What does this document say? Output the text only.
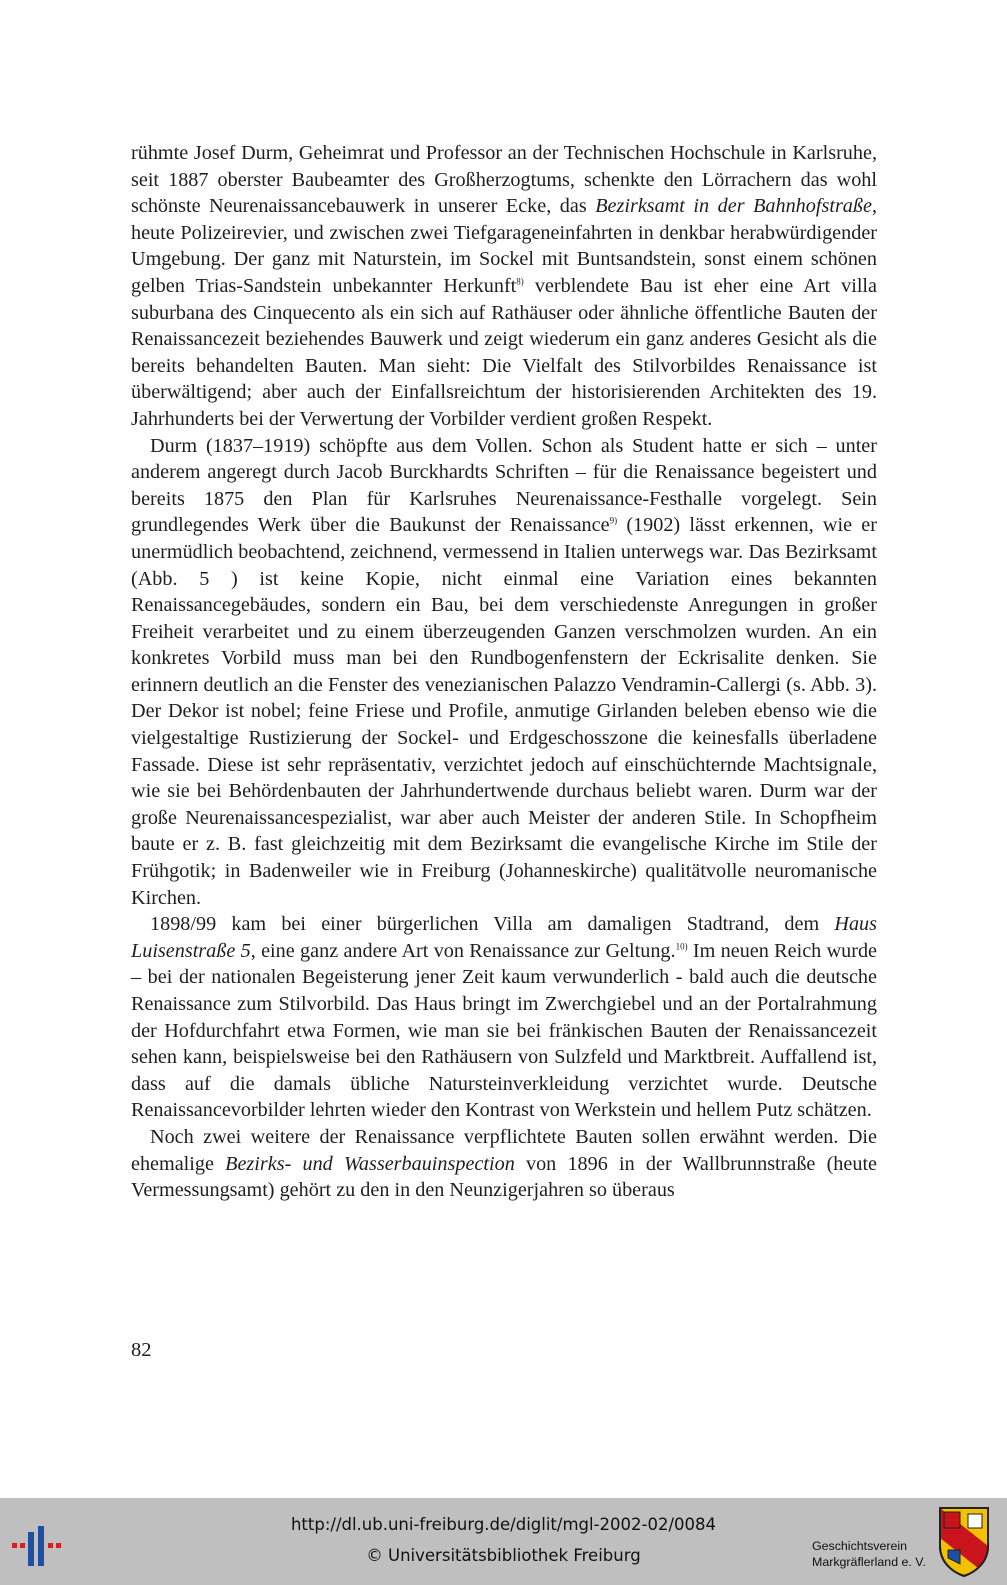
rühmte Josef Durm, Geheimrat und Professor an der Technischen Hochschule in Karlsruhe, seit 1887 oberster Baubeamter des Großherzogtums, schenkte den Lörrachern das wohl schönste Neurenaissancebauwerk in unserer Ecke, das Bezirksamt in der Bahnhofstraße, heute Polizeirevier, und zwischen zwei Tiefgarageneinfahrten in denkbar herabwürdigender Umgebung. Der ganz mit Naturstein, im Sockel mit Buntsandstein, sonst einem schönen gelben Trias-Sandstein unbekannter Herkunft$^{8)}$ verblendete Bau ist eher eine Art villa suburbana des Cinquecento als ein sich auf Rathäuser oder ähnliche öffentliche Bauten der Renaissancezeit beziehendes Bauwerk und zeigt wiederum ein ganz anderes Gesicht als die bereits behandelten Bauten. Man sieht: Die Vielfalt des Stilvorbildes Renaissance ist überwältigend; aber auch der Einfallsreichtum der historisierenden Architekten des 19. Jahrhunderts bei der Verwertung der Vorbilder verdient großen Respekt.

Durm (1837–1919) schöpfte aus dem Vollen. Schon als Student hatte er sich – unter anderem angeregt durch Jacob Burckhardts Schriften – für die Renaissance begeistert und bereits 1875 den Plan für Karlsruhes Neurenaissance-Festhalle vorgelegt. Sein grundlegendes Werk über die Baukunst der Renaissance$^{9)}$ (1902) lässt erkennen, wie er unermüdlich beobachtend, zeichnend, vermessend in Italien unterwegs war. Das Bezirksamt (Abb. 5 ) ist keine Kopie, nicht einmal eine Variation eines bekannten Renaissancegebäudes, sondern ein Bau, bei dem verschiedenste Anregungen in großer Freiheit verarbeitet und zu einem überzeugenden Ganzen verschmolzen wurden. An ein konkretes Vorbild muss man bei den Rundbogenfenstern der Eckrisalite denken. Sie erinnern deutlich an die Fenster des venezianischen Palazzo Vendramin-Callergi (s. Abb. 3). Der Dekor ist nobel; feine Friese und Profile, anmutige Girlanden beleben ebenso wie die vielgestaltige Rustizierung der Sockel- und Erdgeschosszone die keinesfalls überladene Fassade. Diese ist sehr repräsentativ, verzichtet jedoch auf einschüchternde Machtsignale, wie sie bei Behördenbauten der Jahrhundertwende durchaus beliebt waren. Durm war der große Neurenaissancespezialist, war aber auch Meister der anderen Stile. In Schopfheim baute er z. B. fast gleichzeitig mit dem Bezirksamt die evangelische Kirche im Stile der Frühgotik; in Badenweiler wie in Freiburg (Johanneskirche) qualitätvolle neuromanische Kirchen.

1898/99 kam bei einer bürgerlichen Villa am damaligen Stadtrand, dem Haus Luisenstraße 5, eine ganz andere Art von Renaissance zur Geltung.$^{10)}$ Im neuen Reich wurde – bei der nationalen Begeisterung jener Zeit kaum verwunderlich - bald auch die deutsche Renaissance zum Stilvorbild. Das Haus bringt im Zwerchgiebel und an der Portalrahmung der Hofdurchfahrt etwa Formen, wie man sie bei fränkischen Bauten der Renaissancezeit sehen kann, beispielsweise bei den Rathäusern von Sulzfeld und Marktbreit. Auffallend ist, dass auf die damals übliche Natursteinverkleidung verzichtet wurde. Deutsche Renaissancevorbilder lehrten wieder den Kontrast von Werkstein und hellem Putz schätzen.

Noch zwei weitere der Renaissance verpflichtete Bauten sollen erwähnt werden. Die ehemalige Bezirks- und Wasserbauinspection von 1896 in der Wallbrunnstraße (heute Vermessungsamt) gehört zu den in den Neunzigerjahren so überaus

82
http://dl.ub.uni-freiburg.de/diglit/mgl-2002-02/0084
© Universitätsbibliothek Freiburg	Geschichtsverein
Markgräflerland e. V.
